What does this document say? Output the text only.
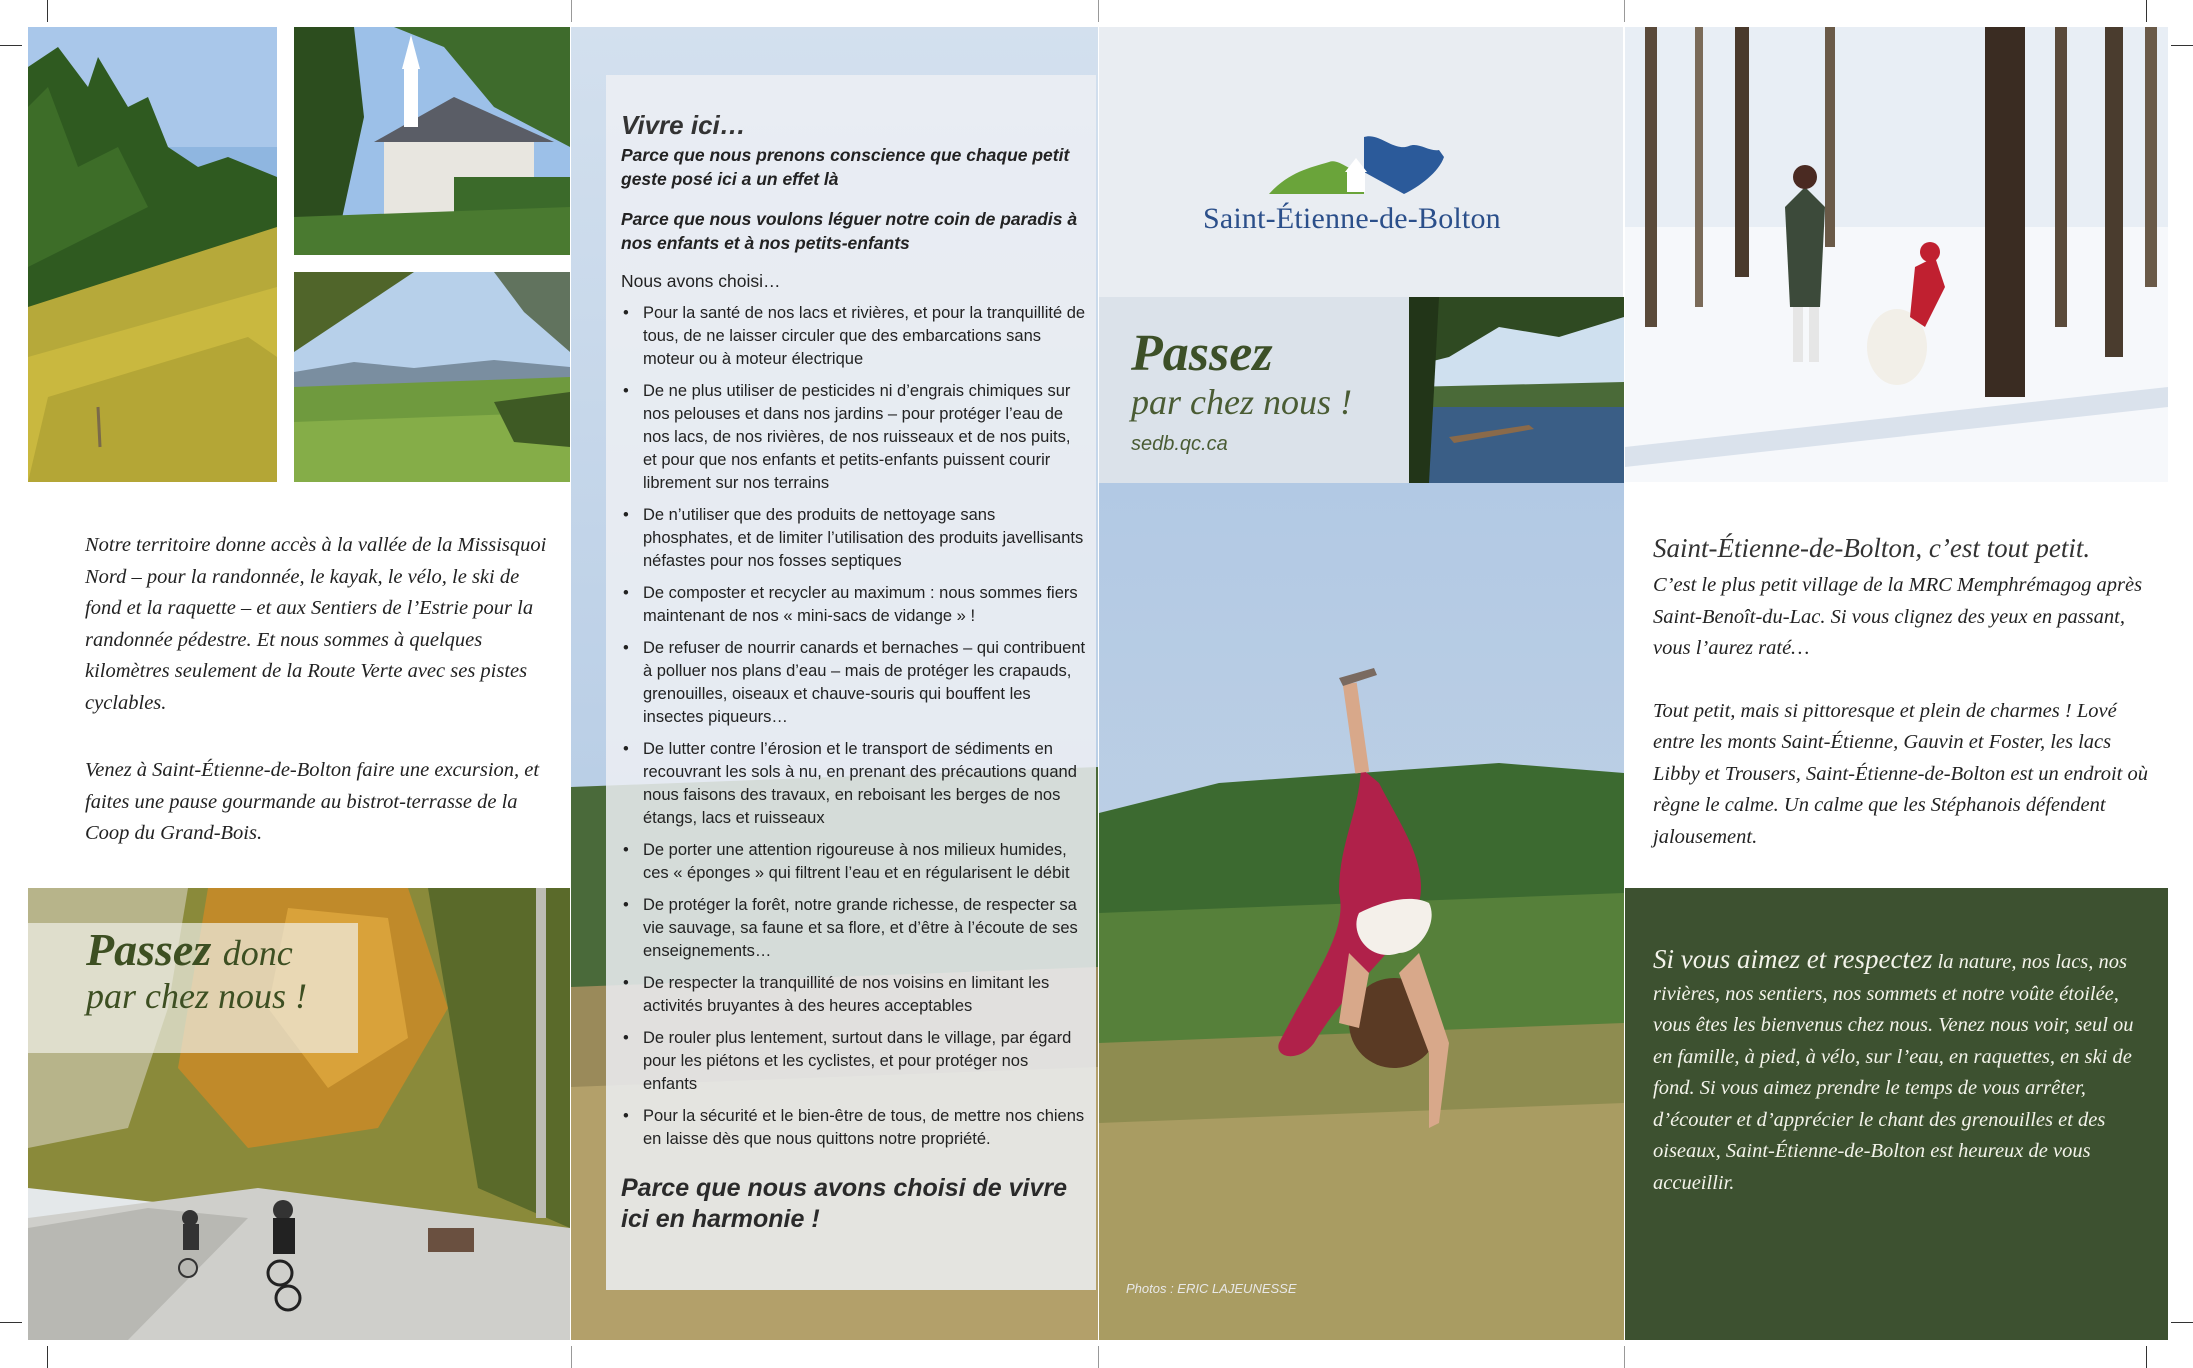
Notre territoire donne accès à la vallée de la Missisquoi Nord – pour la randonnée, le kayak, le vélo, le ski de fond et la raquette – et aux Sentiers de l’Estrie pour la randonnée pédestre. Et nous sommes à quelques kilomètres seulement de la Route Verte avec ses pistes cyclables.

Venez à Saint-Étienne-de-Bolton faire une excursion, et faites une pause gourmande au bistrot-terrasse de la Coop du Grand-Bois.

Passez donc
par chez nous !
Vivre ici…
Parce que nous prenons conscience que chaque petit geste posé ici a un effet là
Parce que nous voulons léguer notre coin de paradis à nos enfants et à nos petits-enfants
Nous avons choisi…
• Pour la santé de nos lacs et rivières, et pour la tranquillité de tous, de ne laisser circuler que des embarcations sans moteur ou à moteur électrique
• De ne plus utiliser de pesticides ni d’engrais chimiques sur nos pelouses et dans nos jardins – pour protéger l’eau de nos lacs, de nos rivières, de nos ruisseaux et de nos puits, et pour que nos enfants et petits-enfants puissent courir librement sur nos terrains
• De n’utiliser que des produits de nettoyage sans phosphates, et de limiter l’utilisation des produits javellisants néfastes pour nos fosses septiques
• De composter et recycler au maximum : nous sommes fiers maintenant de nos « mini-sacs de vidange » !
• De refuser de nourrir canards et bernaches – qui contribuent à polluer nos plans d’eau – mais de protéger les crapauds, grenouilles, oiseaux et chauve-souris qui bouffent les insectes piqueurs…
• De lutter contre l’érosion et le transport de sédiments en recouvrant les sols à nu, en prenant des précautions quand nous faisons des travaux, en reboisant les berges de nos étangs, lacs et ruisseaux
• De porter une attention rigoureuse à nos milieux humides, ces « éponges » qui filtrent l’eau et en régularisent le débit
• De protéger la forêt, notre grande richesse, de respecter sa vie sauvage, sa faune et sa flore, et d’être à l’écoute de ses enseignements…
• De respecter la tranquillité de nos voisins en limitant les activités bruyantes à des heures acceptables
• De rouler plus lentement, surtout dans le village, par égard pour les piétons et les cyclistes, et pour protéger nos enfants
• Pour la sécurité et le bien-être de tous, de mettre nos chiens en laisse dès que nous quittons notre propriété.
Parce que nous avons choisi de vivre ici en harmonie !
Saint-Étienne-de-Bolton
Passez
par chez nous !
sedb.qc.ca
Photos : ERIC LAJEUNESSE
Saint-Étienne-de-Bolton, c’est tout petit.
C’est le plus petit village de la MRC Memphrémagog après Saint-Benoît-du-Lac. Si vous clignez des yeux en passant, vous l’aurez raté…
Tout petit, mais si pittoresque et plein de charmes ! Lové entre les monts Saint-Étienne, Gauvin et Foster, les lacs Libby et Trousers, Saint-Étienne-de-Bolton est un endroit où règne le calme. Un calme que les Stéphanois défendent jalousement.
Si vous aimez et respectez la nature, nos lacs, nos rivières, nos sentiers, nos sommets et notre voûte étoilée, vous êtes les bienvenus chez nous. Venez nous voir, seul ou en famille, à pied, à vélo, sur l’eau, en raquettes, en ski de fond. Si vous aimez prendre le temps de vous arrêter, d’écouter et d’apprécier le chant des grenouilles et des oiseaux, Saint-Étienne-de-Bolton est heureux de vous accueillir.
